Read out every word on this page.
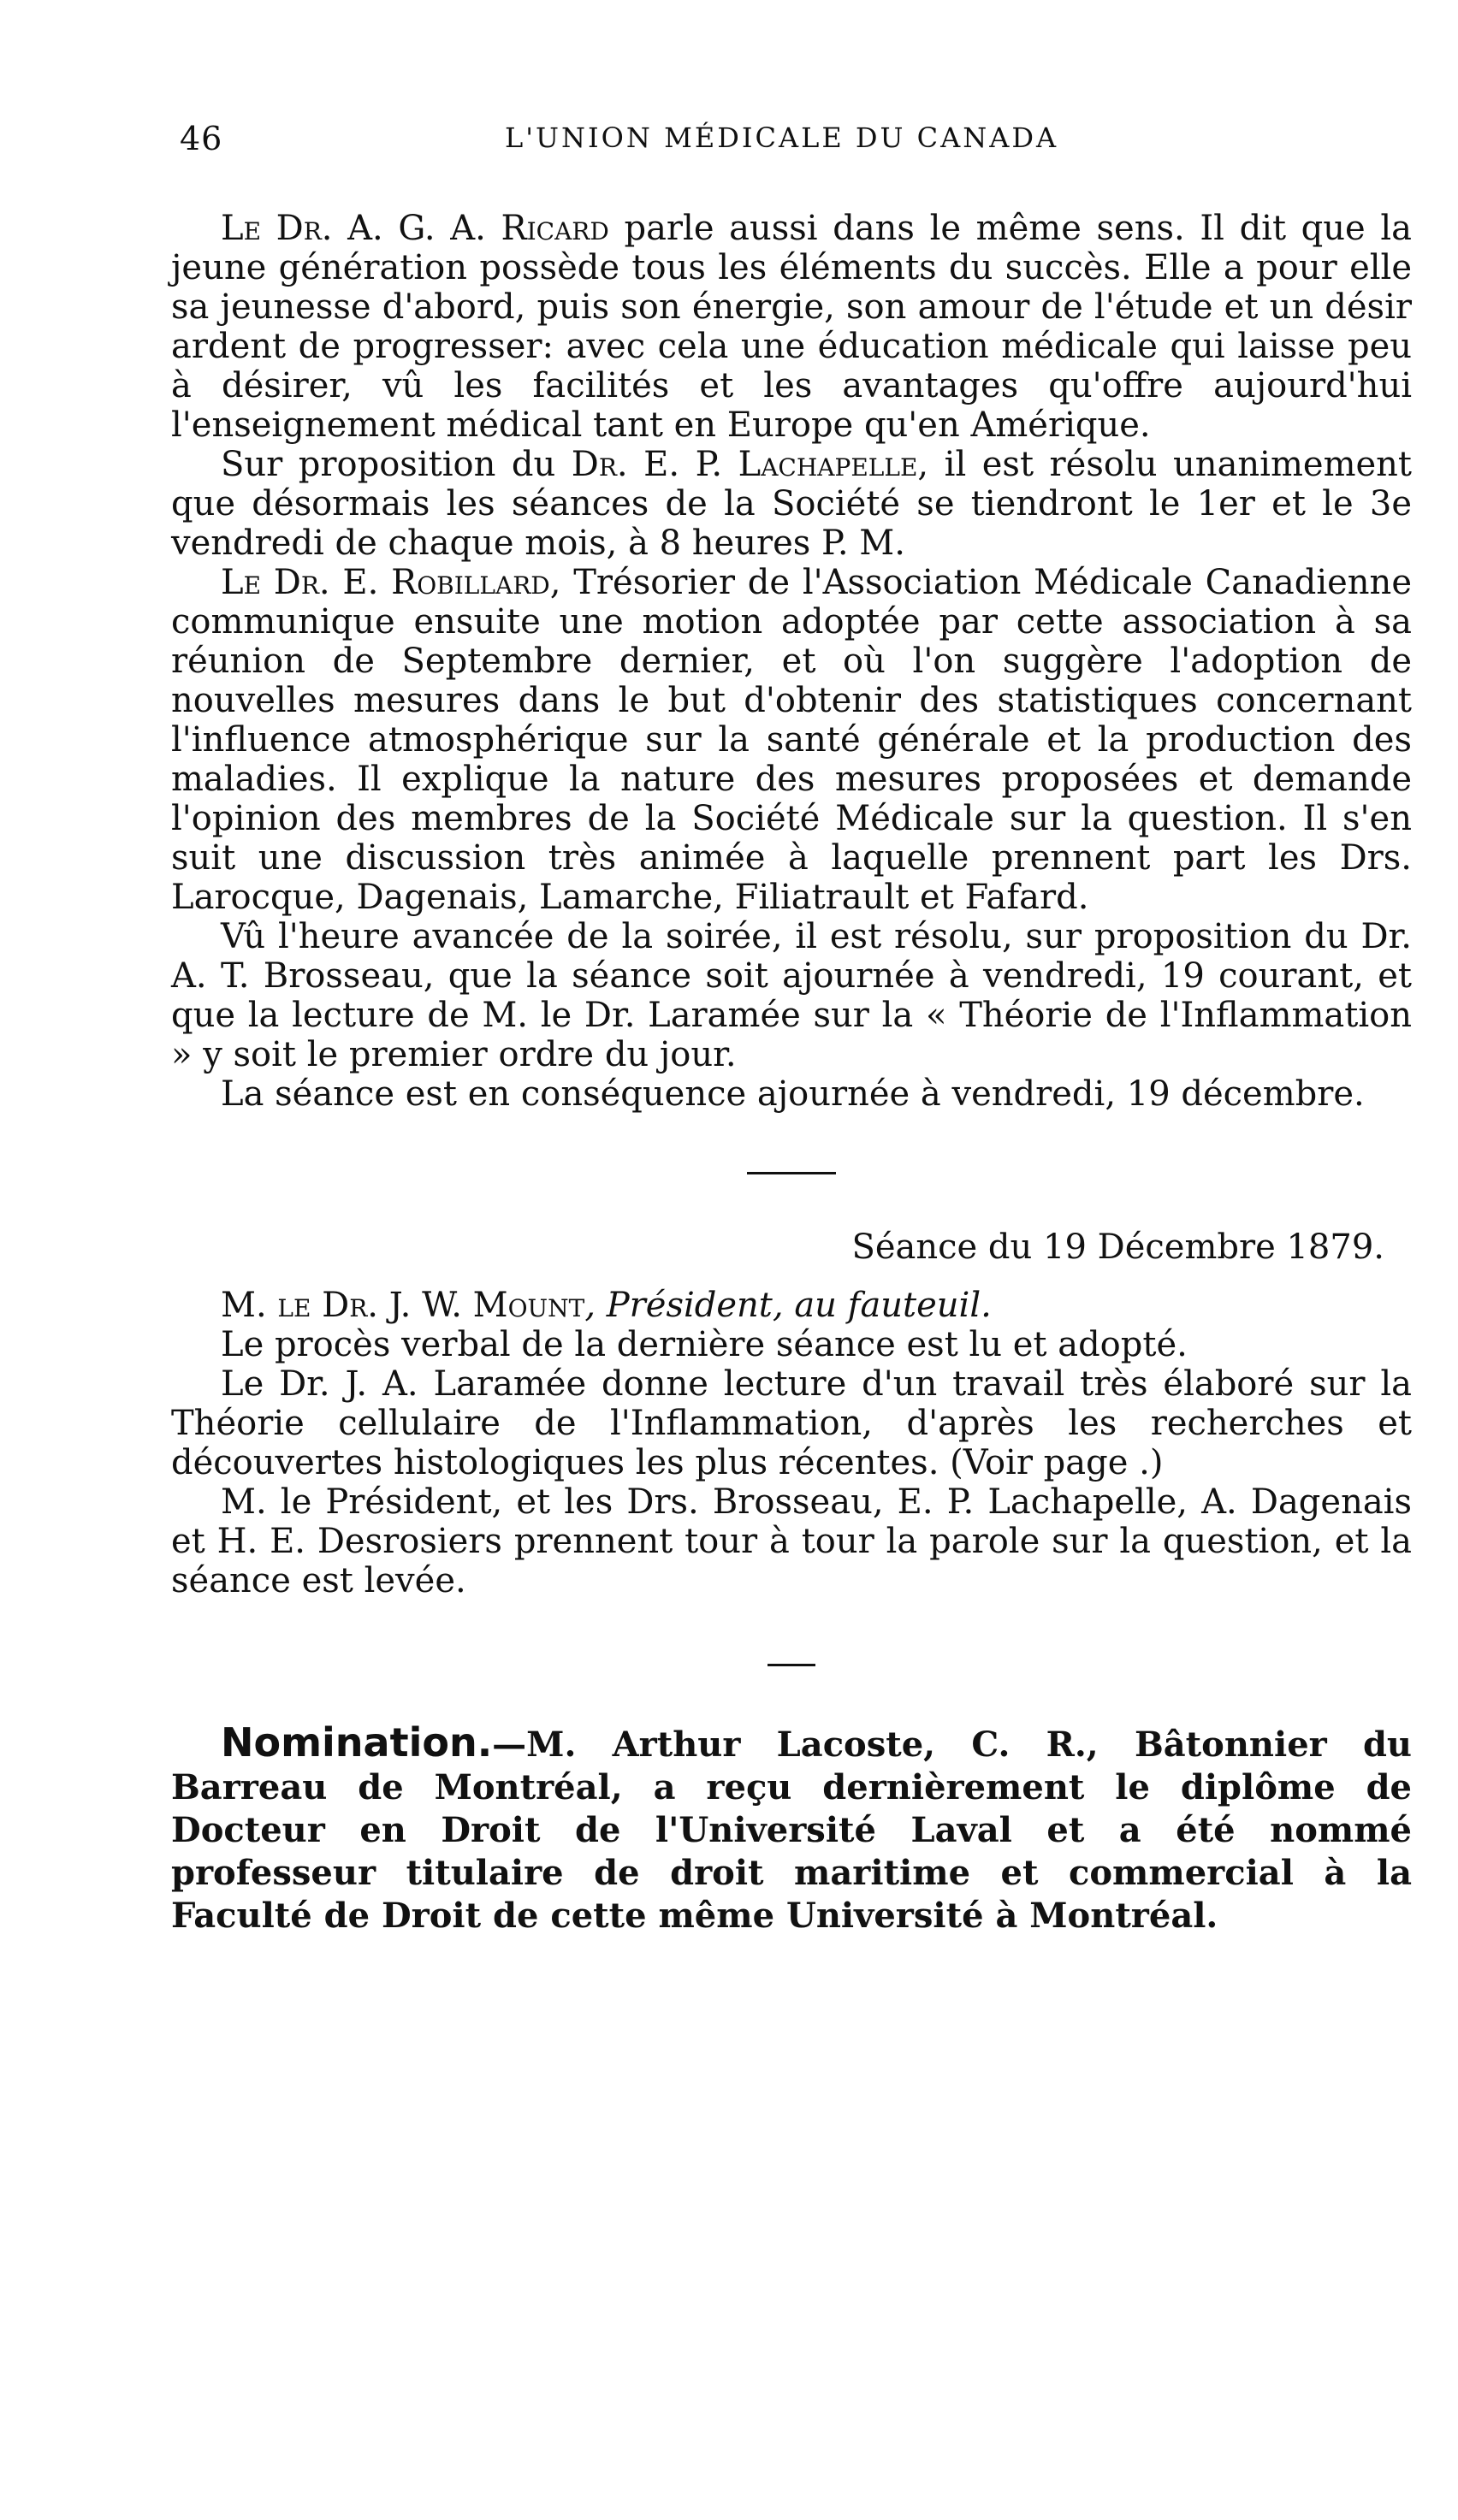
46	L'UNION MÉDICALE DU CANADA

Le Dr. A. G. A. Ricard parle aussi dans le même sens. Il dit que la jeune génération possède tous les éléments du succès. Elle a pour elle sa jeunesse d'abord, puis son énergie, son amour de l'étude et un désir ardent de progresser: avec cela une éducation médicale qui laisse peu à désirer, vû les facilités et les avantages qu'offre aujourd'hui l'enseignement médical tant en Europe qu'en Amérique.

Sur proposition du Dr. E. P. Lachapelle, il est résolu unanimement que désormais les séances de la Société se tiendront le 1er et le 3e vendredi de chaque mois, à 8 heures P. M.

Le Dr. E. Robillard, Trésorier de l'Association Médicale Canadienne communique ensuite une motion adoptée par cette association à sa réunion de Septembre dernier, et où l'on suggère l'adoption de nouvelles mesures dans le but d'obtenir des statistiques concernant l'influence atmosphérique sur la santé générale et la production des maladies. Il explique la nature des mesures proposées et demande l'opinion des membres de la Société Médicale sur la question. Il s'en suit une discussion très animée à laquelle prennent part les Drs. Larocque, Dagenais, Lamarche, Filiatrault et Fafard.

Vû l'heure avancée de la soirée, il est résolu, sur proposition du Dr. A. T. Brosseau, que la séance soit ajournée à vendredi, 19 courant, et que la lecture de M. le Dr. Laramée sur la « Théorie de l'Inflammation » y soit le premier ordre du jour.

La séance est en conséquence ajournée à vendredi, 19 décembre.

Séance du 19 Décembre 1879.

M. le Dr. J. W. Mount, Président, au fauteuil.

Le procès verbal de la dernière séance est lu et adopté.

Le Dr. J. A. Laramée donne lecture d'un travail très élaboré sur la Théorie cellulaire de l'Inflammation, d'après les recherches et découvertes histologiques les plus récentes. (Voir page .)

M. le Président, et les Drs. Brosseau, E. P. Lachapelle, A. Dagenais et H. E. Desrosiers prennent tour à tour la parole sur la question, et la séance est levée.

Nomination.—M. Arthur Lacoste, C. R., Bâtonnier du Barreau de Montréal, a reçu dernièrement le diplôme de Docteur en Droit de l'Université Laval et a été nommé professeur titulaire de droit maritime et commercial à la Faculté de Droit de cette même Université à Montréal.
